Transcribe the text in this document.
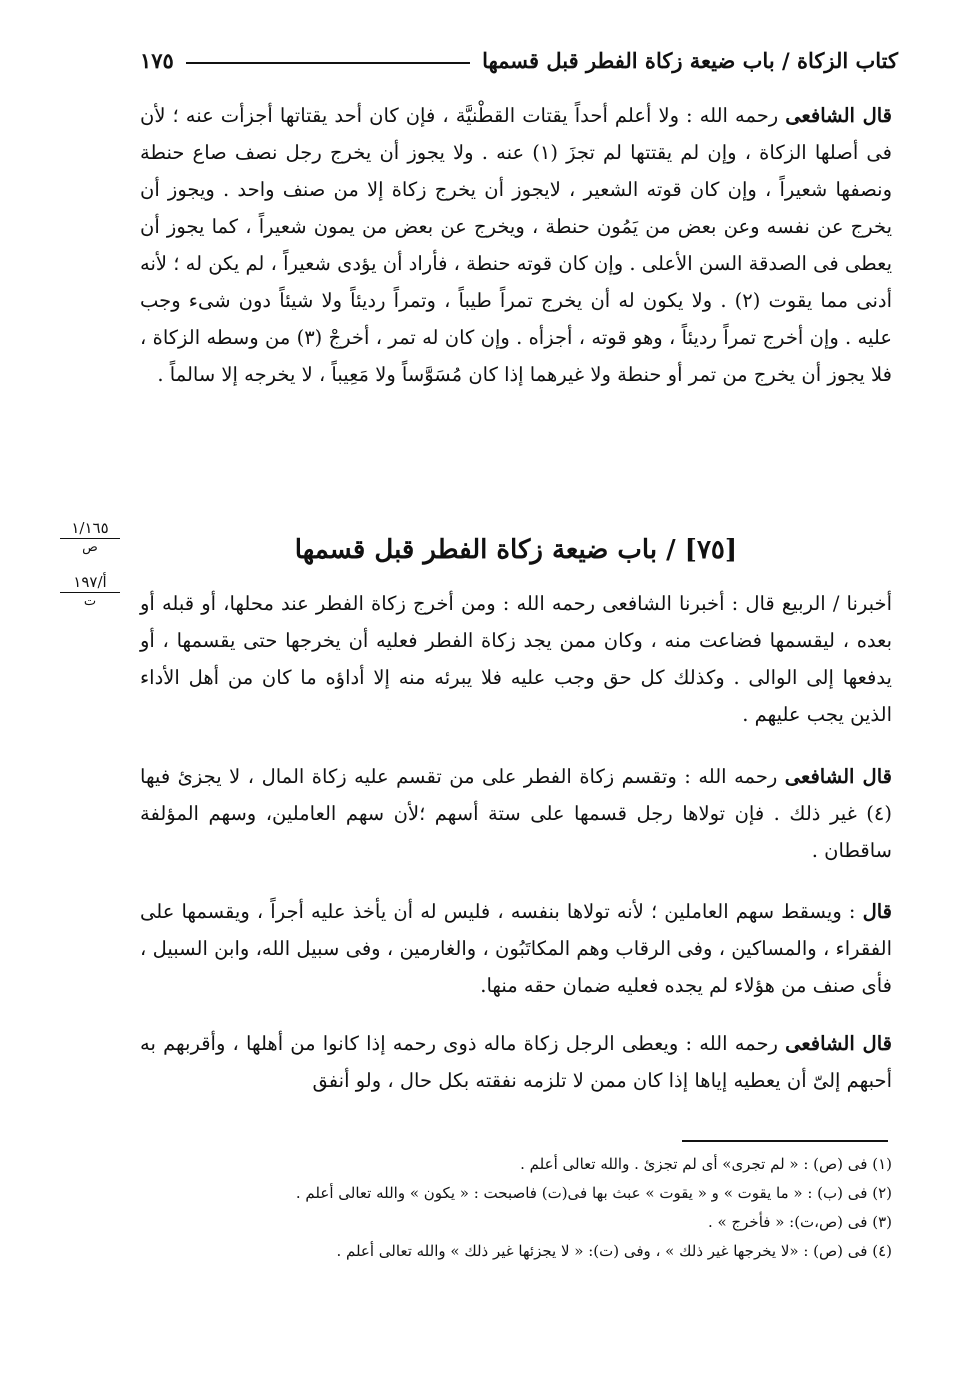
كتاب الزكاة / باب ضيعة زكاة الفطر قبل قسمها
١٧٥

قال الشافعى رحمه الله : ولا أعلم أحداً يقتات القطْنيَّة ، فإن كان أحد يقتاتها أجزأت عنه ؛ لأن فى أصلها الزكاة ، وإن لم يقتتها لم تجزَ (١) عنه . ولا يجوز أن يخرج رجل نصف صاع حنطة ونصفها شعيراً ، وإن كان قوته الشعير ، لايجوز أن يخرج زكاة إلا من صنف واحد . ويجوز أن يخرج عن نفسه وعن بعض من يَمُون حنطة ، ويخرج عن بعض من يمون شعيراً ، كما يجوز أن يعطى فى الصدقة السن الأعلى . وإن كان قوته حنطة ، فأراد أن يؤدى شعيراً ، لم يكن له ؛ لأنه أدنى مما يقوت (٢) . ولا يكون له أن يخرج تمراً طيباً ، وتمراً رديئاً ولا شيئاً دون شىء وجب عليه . وإن أخرج تمراً رديئاً ، وهو قوته ، أجزأه . وإن كان له تمر ، أخرجْ (٣) من وسطه الزكاة ، فلا يجوز أن يخرج من تمر أو حنطة ولا غيرهما إذا كان مُسَوَّساً ولا مَعِيباً ، لا يخرجه إلا سالماً .

[٧٥] / باب ضيعة زكاة الفطر قبل قسمها
١/١٦٥
ص
أ/١٩٧
ت	أخبرنا / الربيع قال : أخبرنا الشافعى رحمه الله : ومن أخرج زكاة الفطر عند محلها، أو قبله أو بعده ، ليقسمها فضاعت منه ، وكان ممن يجد زكاة الفطر فعليه أن يخرجها حتى يقسمها ، أو يدفعها إلى الوالى . وكذلك كل حق وجب عليه فلا يبرئه منه إلا أداؤه ما كان من أهل الأداء الذين يجب عليهم .

قال الشافعى رحمه الله : وتقسم زكاة الفطر على من تقسم عليه زكاة المال ، لا يجزئ فيها (٤) غير ذلك . فإن تولاها رجل قسمها على ستة أسهم ؛لأن سهم العاملين، وسهم المؤلفة ساقطان .

قال : ويسقط سهم العاملين ؛ لأنه تولاها بنفسه ، فليس له أن يأخذ عليه أجراً ، ويقسمها على الفقراء ، والمساكين ، وفى الرقاب وهم المكاتَبُون ، والغارمين ، وفى سبيل الله، وابن السبيل ، فأى صنف من هؤلاء لم يجده فعليه ضمان حقه منها.

قال الشافعى رحمه الله : ويعطى الرجل زكاة ماله ذوى رحمه إذا كانوا من أهلها ، وأقربهم به أحبهم إلىّ أن يعطيه إياها إذا كان ممن لا تلزمه نفقته بكل حال ، ولو أنفق

(١) فى (ص) : « لم تجرى» أى لم تجزئ . والله تعالى أعلم .
(٢) فى (ب) : « ما يقوت » و « يقوت » عبث بها فى(ت) فاصبحت : « يكون » والله تعالى أعلم .
(٣) فى (ص،ت): « فأخرج » .
(٤) فى (ص) : «لا يخرجها غير ذلك » ، وفى (ت): « لا يجزئها غير ذلك » والله تعالى أعلم .
